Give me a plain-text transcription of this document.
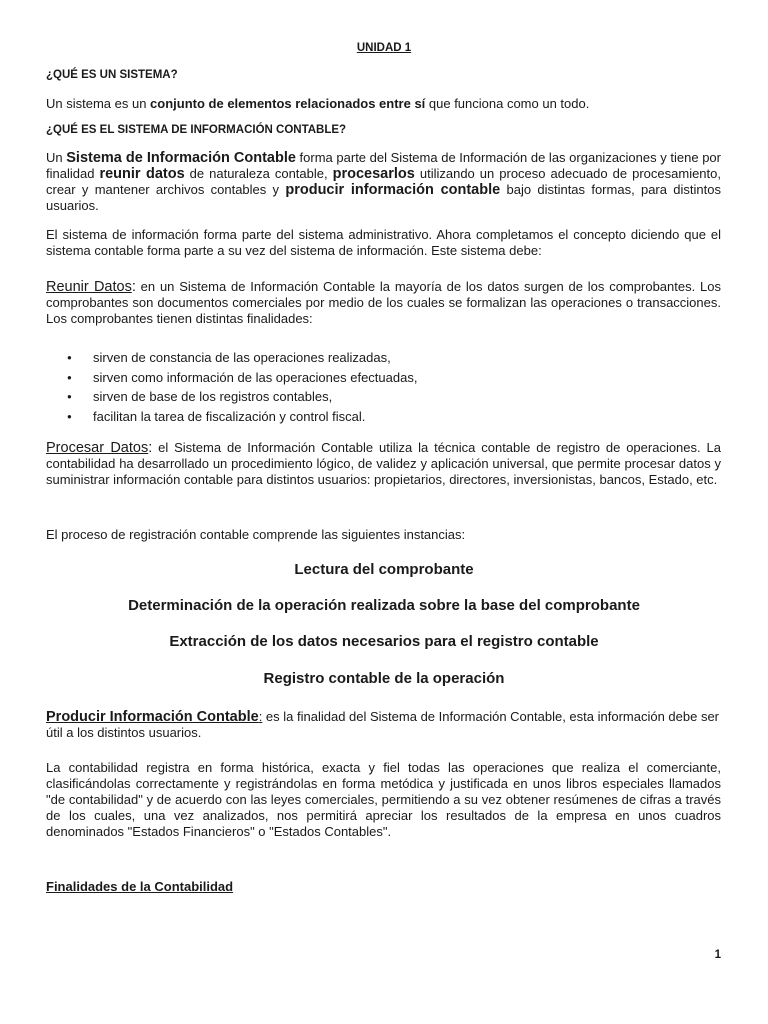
UNIDAD 1
¿QUÉ ES UN SISTEMA?

Un sistema es un conjunto de elementos relacionados entre sí que funciona como un todo.

¿QUÉ ES EL SISTEMA DE INFORMACIÓN CONTABLE?

Un Sistema de Información Contable forma parte del Sistema de Información de las organizaciones y tiene por finalidad reunir datos de naturaleza contable, procesarlos utilizando un proceso adecuado de procesamiento, crear y mantener archivos contables y producir información contable bajo distintas formas, para distintos usuarios.

El sistema de información forma parte del sistema administrativo. Ahora completamos el concepto diciendo que el sistema contable forma parte a su vez del sistema de información. Este sistema debe:

Reunir Datos: en un Sistema de Información Contable la mayoría de los datos surgen de los comprobantes. Los comprobantes son documentos comerciales por medio de los cuales se formalizan las operaciones o transacciones. Los comprobantes tienen distintas finalidades:

● sirven de constancia de las operaciones realizadas,
● sirven como información de las operaciones efectuadas,
● sirven de base de los registros contables,
● facilitan la tarea de fiscalización y control fiscal.

Procesar Datos: el Sistema de Información Contable utiliza la técnica contable de registro de operaciones. La contabilidad ha desarrollado un procedimiento lógico, de validez y aplicación universal, que permite procesar datos y suministrar información contable para distintos usuarios: propietarios, directores, inversionistas, bancos, Estado, etc.

El proceso de registración contable comprende las siguientes instancias:

Lectura del comprobante
Determinación de la operación realizada sobre la base del comprobante
Extracción de los datos necesarios para el registro contable
Registro contable de la operación

Producir Información Contable: es la finalidad del Sistema de Información Contable, esta información debe ser útil a los distintos usuarios.

La contabilidad registra en forma histórica, exacta y fiel todas las operaciones que realiza el comerciante, clasificándolas correctamente y registrándolas en forma metódica y justificada en unos libros especiales llamados "de contabilidad" y de acuerdo con las leyes comerciales, permitiendo a su vez obtener resúmenes de cifras a través de los cuales, una vez analizados, nos permitirá apreciar los resultados de la empresa en unos cuadros denominados "Estados Financieros" o "Estados Contables".

Finalidades de la Contabilidad
1
